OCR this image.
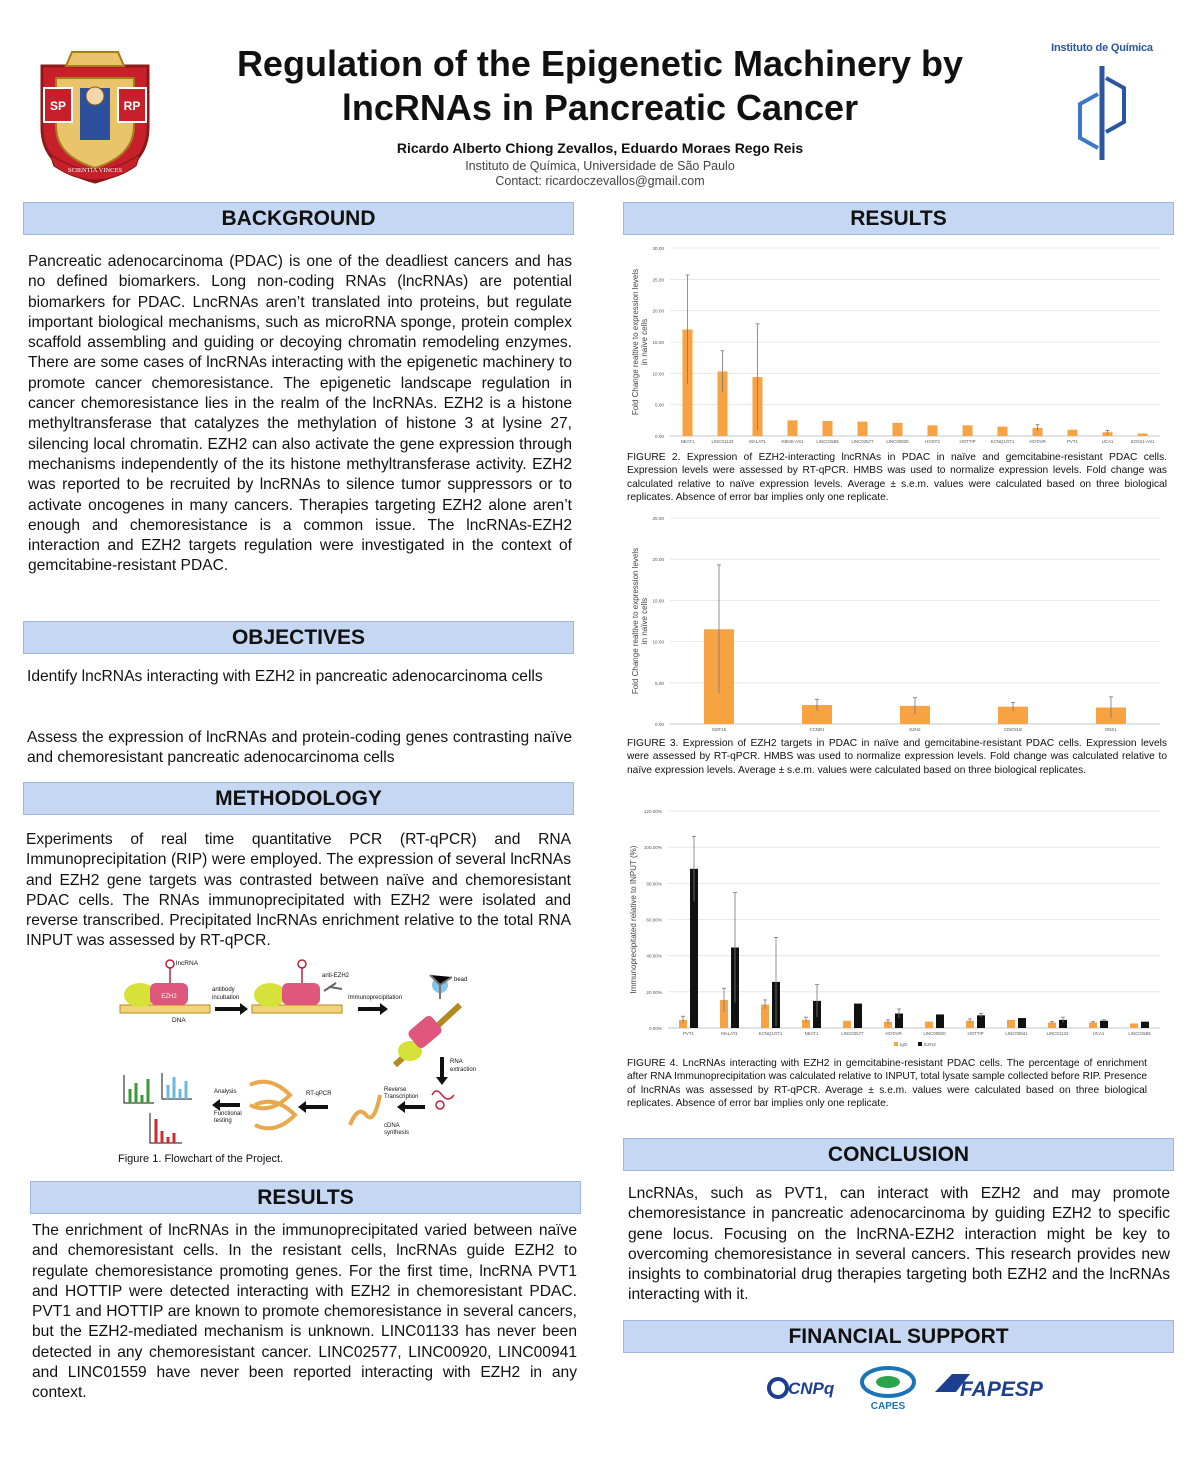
SP	RP
SCIENTIA VINCES
Regulation of the Epigenetic Machinery by
lncRNAs in Pancreatic Cancer
Ricardo Alberto Chiong Zevallos, Eduardo Moraes Rego Reis
Instituto de Química, Universidade de São Paulo
Contact: ricardoczevallos@gmail.com
Instituto de Química
BACKGROUND
Pancreatic adenocarcinoma (PDAC) is one of the deadliest cancers and has no defined biomarkers. Long non-coding RNAs (lncRNAs) are potential biomarkers for PDAC. LncRNAs aren’t translated into proteins, but regulate important biological mechanisms, such as microRNA sponge, protein complex scaffold assembling and guiding or decoying chromatin remodeling enzymes. There are some cases of lncRNAs interacting with the epigenetic machinery to promote cancer chemoresistance. The epigenetic landscape regulation in cancer chemoresistance lies in the realm of the lncRNAs. EZH2 is a histone methyltransferase that catalyzes the methylation of histone 3 at lysine 27, silencing local chromatin. EZH2 can also activate the gene expression through mechanisms independently of the its histone methyltransferase activity. EZH2 was reported to be recruited by lncRNAs to silence tumor suppressors or to activate oncogenes in many cancers. Therapies targeting EZH2 alone aren’t enough and chemoresistance is a common issue. The lncRNAs-EZH2 interaction and EZH2 targets regulation were investigated in the context of gemcitabine-resistant PDAC.
OBJECTIVES
Identify lncRNAs interacting with EZH2 in pancreatic adenocarcinoma cells
Assess the expression of lncRNAs and protein-coding genes contrasting naïve and chemoresistant pancreatic adenocarcinoma cells
METHODOLOGY
Experiments of real time quantitative PCR (RT-qPCR) and RNA Immunoprecipitation (RIP) were employed. The expression of several lncRNAs and EZH2 gene targets was contrasted between naïve and chemoresistant PDAC cells. The RNAs immunoprecipitated with EZH2 were isolated and reverse transcribed. Precipitated lncRNAs enrichment relative to the total RNA INPUT was assessed by RT-qPCR.
EZH2
lncRNA
DNA
antibody
incubation
anti-EZH2
Immunoprecipitation
bead
RNA
extraction
Reverse
Transcription
cDNA
synthesis
RT-qPCR
Analysis
Functional
testing
Figure 1. Flowchart of the Project.
RESULTS
The enrichment of lncRNAs in the immunoprecipitated varied between naïve and chemoresistant cells. In the resistant cells, lncRNAs guide EZH2 to regulate chemoresistance promoting genes. For the first time, lncRNA PVT1 and HOTTIP were detected interacting with EZH2 in chemoresistant PDAC. PVT1 and HOTTIP are known to promote chemoresistance in several cancers, but the EZH2-mediated mechanism is unknown. LINC01133 has never been detected in any chemoresistant cancer. LINC02577, LINC00920, LINC00941 and LINC01559 have never been reported interacting with EZH2 in any context.
RESULTS
0.00
5.00
10.00
15.00
20.00
25.00
30.00
Fold Change realtive to expression levels in naïve cells
NEAT1	LINC01133	MALAT1	KBHD-AS1	LINC01559	LINC02577	LINC00920	HOST2	HOTTIP	KCNQ1OT1	HOTAIR	PVT1	UCA1	SOX21-AS1
FIGURE 2. Expression of EZH2-interacting lncRNAs in PDAC in naïve and gemcitabine-resistant PDAC cells. Expression levels were assessed by RT-qPCR. HMBS was used to normalize expression levels. Fold change was calculated relative to naïve expression levels. Average ± s.e.m. values were calculated based on three biological replicates. Absence of error bar implies only one replicate.
0.00
5.00
10.00
15.00
20.00
25.00
Fold Change realtive to expression levels in naïve cells
GDF15	CCND1	EZH2	CDKN1B	DNK1
FIGURE 3. Expression of EZH2 targets in PDAC in naïve and gemcitabine-resistant PDAC cells. Expression levels were assessed by RT-qPCR. HMBS was used to normalize expression levels. Fold change was calculated relative to naïve expression levels. Average ± s.e.m. values were calculated based on three biological replicates.
0.00%
20.00%
40.00%
60.00%
80.00%
100.00%
120.00%
Immunoprecipitated relative to INPUT (%)
PVT1	MALAT1	KCNQ1OT1	NEAT1	LINC02577	HOTAIR	LINC00920	HOTTIP	LINC00941	LINC01133	UCA1	LINC01559
IgG	EZH2
FIGURE 4. LncRNAs interacting with EZH2 in gemcitabine-resistant PDAC cells. The percentage of enrichment after RNA Immunoprecipitation was calculated relative to INPUT, total lysate sample collected before RIP. Presence of lncRNAs was assessed by RT-qPCR. Average ± s.e.m. values were calculated based on three biological replicates. Absence of error bar implies only one replicate.
CONCLUSION
LncRNAs, such as PVT1, can interact with EZH2 and may promote chemoresistance in pancreatic adenocarcinoma by guiding EZH2 to specific gene locus. Focusing on the lncRNA-EZH2 interaction might be key to overcoming chemoresistance in several cancers. This research provides new insights to combinatorial drug therapies targeting both EZH2 and the lncRNAs interacting with it.
FINANCIAL SUPPORT
CNPq
CAPES
FAPESP
